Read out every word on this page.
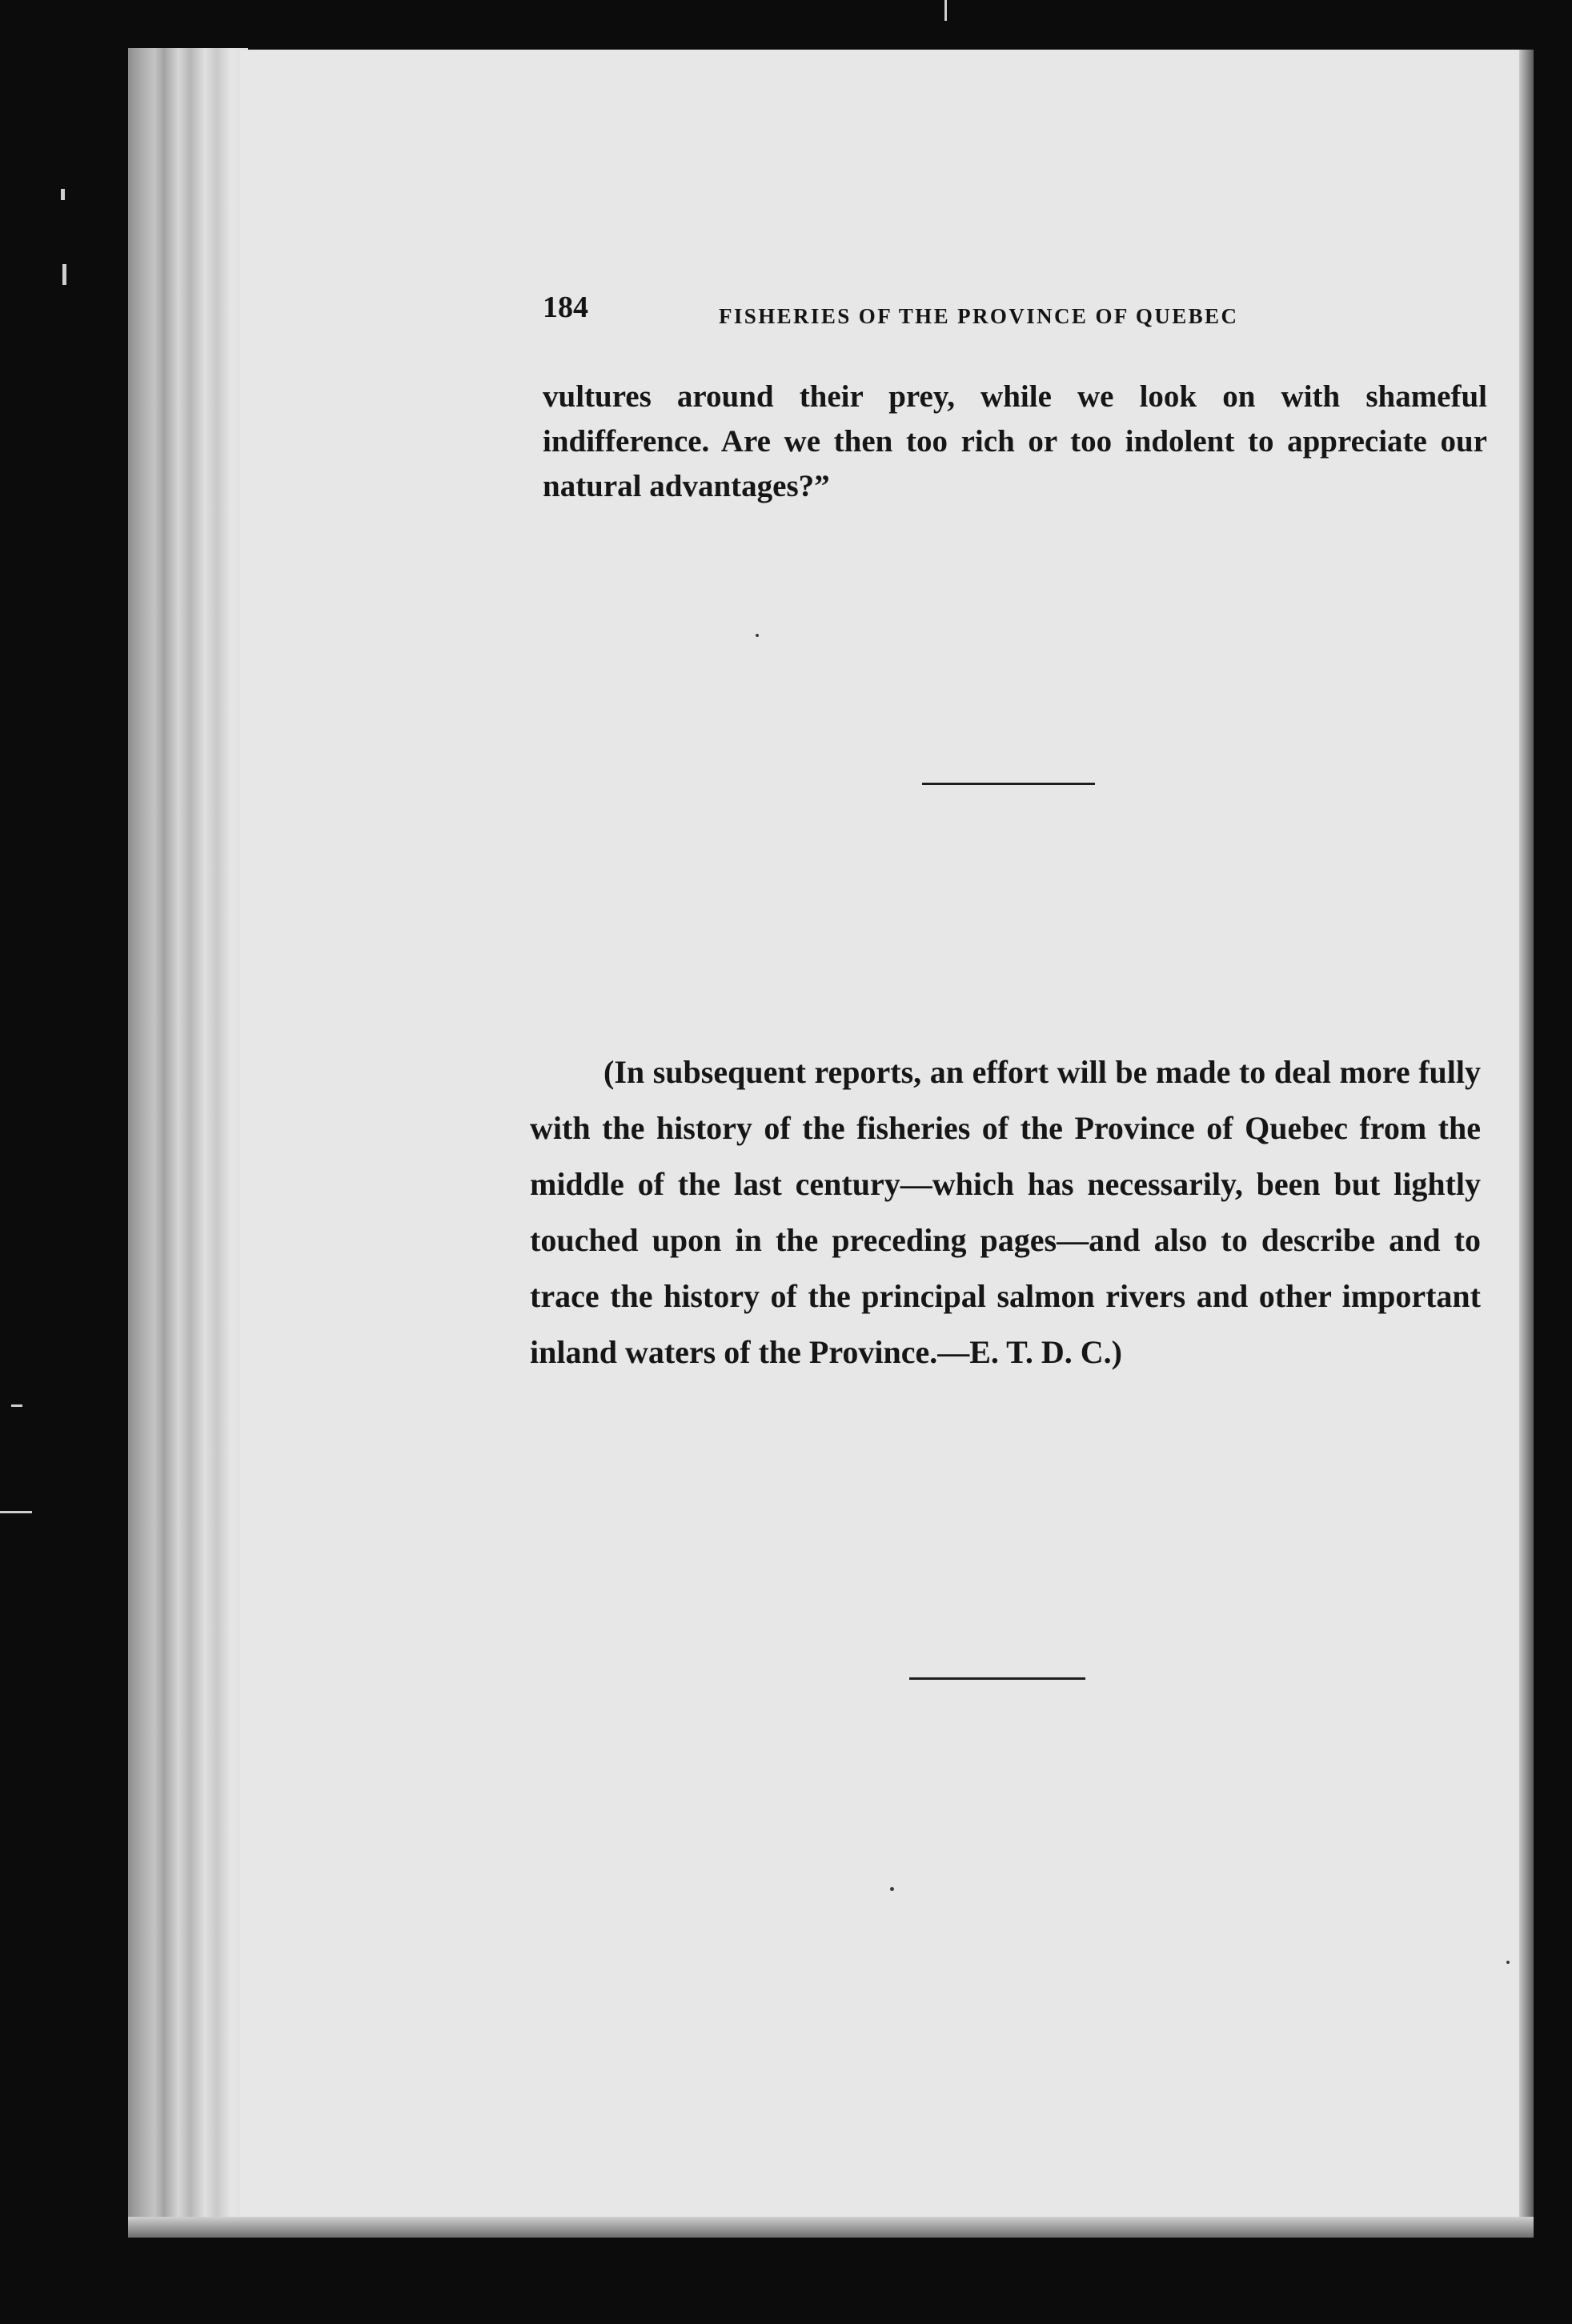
184	FISHERIES OF THE PROVINCE OF QUEBEC

vultures around their prey, while we look on with shameful indifference. Are we then too rich or too indolent to appreciate our natural advantages?”

(In subsequent reports, an effort will be made to deal more fully with the history of the fisheries of the Province of Quebec from the middle of the last century—which has necessarily, been but lightly touched upon in the preceding pages—and also to describe and to trace the history of the principal salmon rivers and other important inland waters of the Province.—E. T. D. C.)
